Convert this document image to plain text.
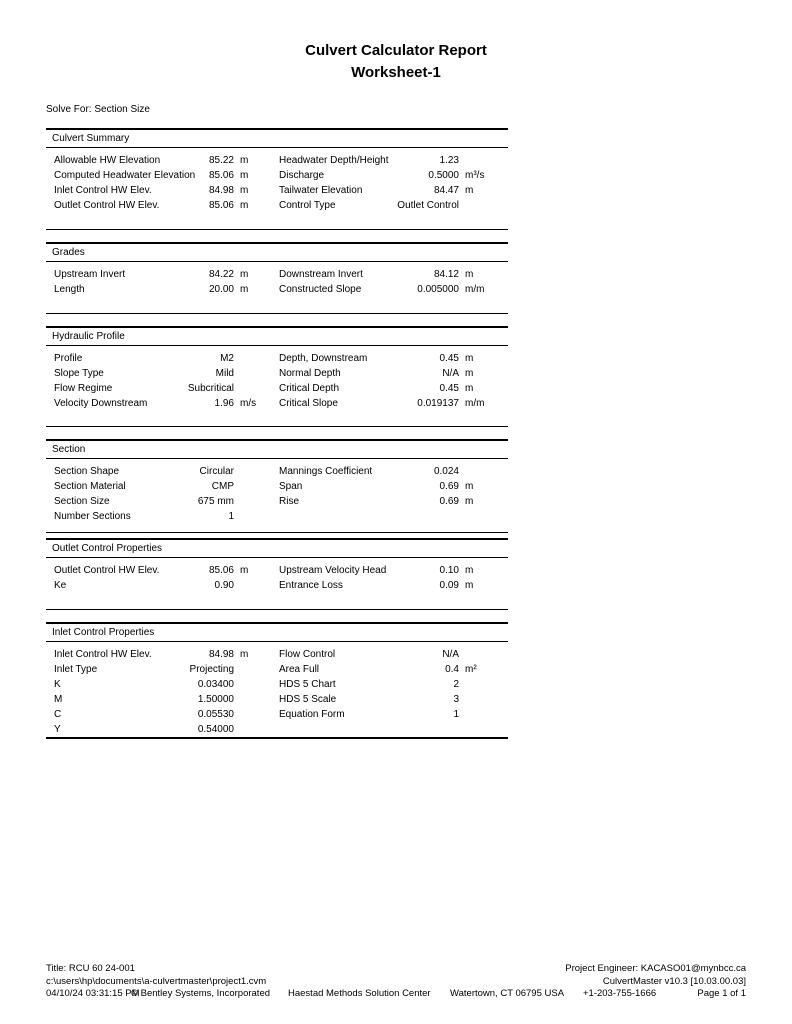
Culvert Calculator Report
Worksheet-1
Solve For: Section Size
Culvert Summary
Allowable HW Elevation	85.22 m	Headwater Depth/Height	1.23
Computed Headwater Elevation	85.06 m	Discharge	0.5000 m³/s
Inlet Control HW Elev.	84.98 m	Tailwater Elevation	84.47 m
Outlet Control HW Elev.	85.06 m	Control Type	Outlet Control
Grades
Upstream Invert	84.22 m	Downstream Invert	84.12 m
Length	20.00 m	Constructed Slope	0.005000 m/m
Hydraulic Profile
Profile	M2	Depth, Downstream	0.45 m
Slope Type	Mild	Normal Depth	N/A m
Flow Regime	Subcritical	Critical Depth	0.45 m
Velocity Downstream	1.96 m/s	Critical Slope	0.019137 m/m
Section
Section Shape	Circular	Mannings Coefficient	0.024
Section Material	CMP	Span	0.69 m
Section Size	675 mm	Rise	0.69 m
Number Sections	1
Outlet Control Properties
Outlet Control HW Elev.	85.06 m	Upstream Velocity Head	0.10 m
Ke	0.90	Entrance Loss	0.09 m
Inlet Control Properties
Inlet Control HW Elev.	84.98 m	Flow Control	N/A
Inlet Type	Projecting	Area Full	0.4 m²
K	0.03400	HDS 5 Chart	2
M	1.50000	HDS 5 Scale	3
C	0.05530	Equation Form	1
Y	0.54000
Title: RCU 60 24-001
c:\users\hp\documents\a-culvertmaster\project1.cvm
04/10/24 03:31:15 PM
© Bentley Systems, Incorporated Haestad Methods Solution Center Watertown, CT 06795 USA +1-203-755-1666
Project Engineer: KACASO01@mynbcc.ca
CulvertMaster v10.3 [10.03.00.03]
Page 1 of 1
